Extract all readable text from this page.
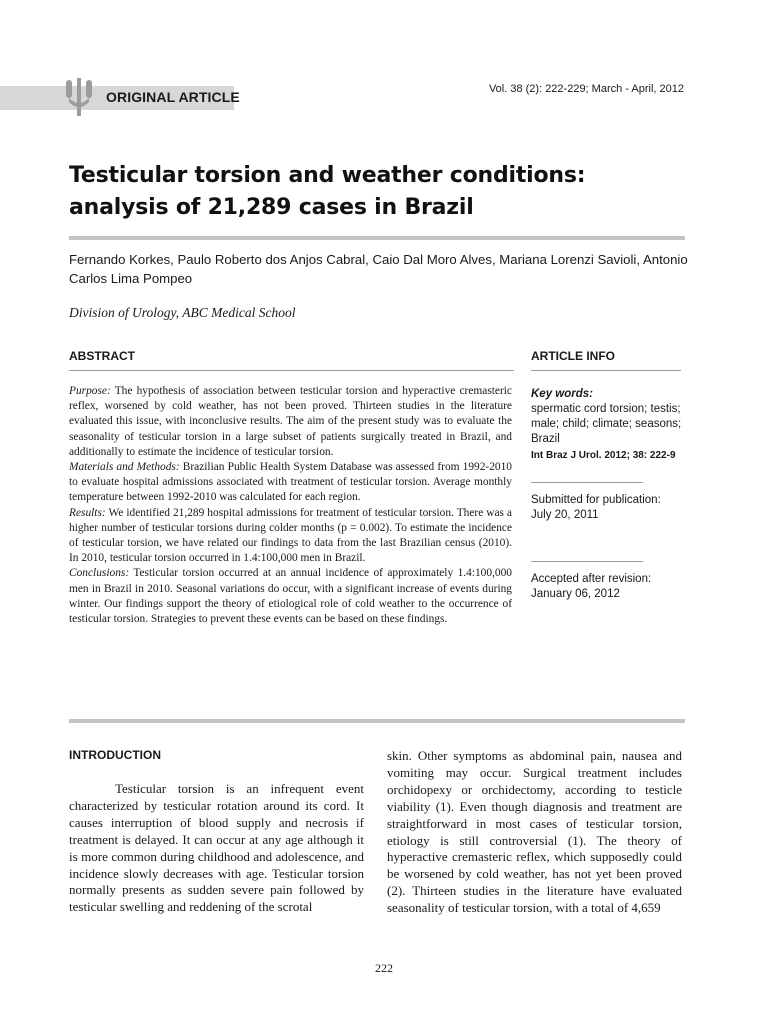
ORIGINAL ARTICLE	Vol. 38 (2): 222-229; March - April, 2012
Testicular torsion and weather conditions: analysis of 21,289 cases in Brazil
Fernando Korkes, Paulo Roberto dos Anjos Cabral, Caio Dal Moro Alves, Mariana Lorenzi Savioli, Antonio Carlos Lima Pompeo
Division of Urology, ABC Medical School
ABSTRACT	ARTICLE INFO

Purpose: The hypothesis of association between testicular torsion and hyperactive cremasteric reflex, worsened by cold weather, has not been proved. Thirteen studies in the literature evaluated this issue, with inconclusive results. The aim of the present study was to evaluate the seasonality of testicular torsion in a large subset of patients surgically treated in Brazil, and additionally to estimate the incidence of testicular torsion.

Materials and Methods: Brazilian Public Health System Database was assessed from 1992-2010 to evaluate hospital admissions associated with treatment of testicular torsion. Average monthly temperature between 1992-2010 was calculated for each region.

Results: We identified 21,289 hospital admissions for treatment of testicular torsion. There was a higher number of testicular torsions during colder months (p = 0.002). To estimate the incidence of testicular torsion, we have related our findings to data from the last Brazilian census (2010). In 2010, testicular torsion occurred in 1.4:100,000 men in Brazil.

Conclusions: Testicular torsion occurred at an annual incidence of approximately 1.4:100,000 men in Brazil in 2010. Seasonal variations do occur, with a significant increase of events during winter. Our findings support the theory of etiological role of cold weather to the occurrence of testicular torsion. Strategies to prevent these events can be based on these findings.

Key words:
spermatic cord torsion; testis; male; child; climate; seasons; Brazil
Int Braz J Urol. 2012; 38: 222-9
Submitted for publication:
July 20, 2011
Accepted after revision:
January 06, 2012
INTRODUCTION

Testicular torsion is an infrequent event characterized by testicular rotation around its cord. It causes interruption of blood supply and necrosis if treatment is delayed. It can occur at any age although it is more common during childhood and adolescence, and incidence slowly decreases with age. Testicular torsion normally presents as sudden severe pain followed by testicular swelling and reddening of the scrotal

skin. Other symptoms as abdominal pain, nausea and vomiting may occur. Surgical treatment includes orchidopexy or orchidectomy, according to testicle viability (1). Even though diagnosis and treatment are straightforward in most cases of testicular torsion, etiology is still controversial (1). The theory of hyperactive cremasteric reflex, which supposedly could be worsened by cold weather, has not yet been proved (2). Thirteen studies in the literature have evaluated seasonality of testicular torsion, with a total of 4,659

222
